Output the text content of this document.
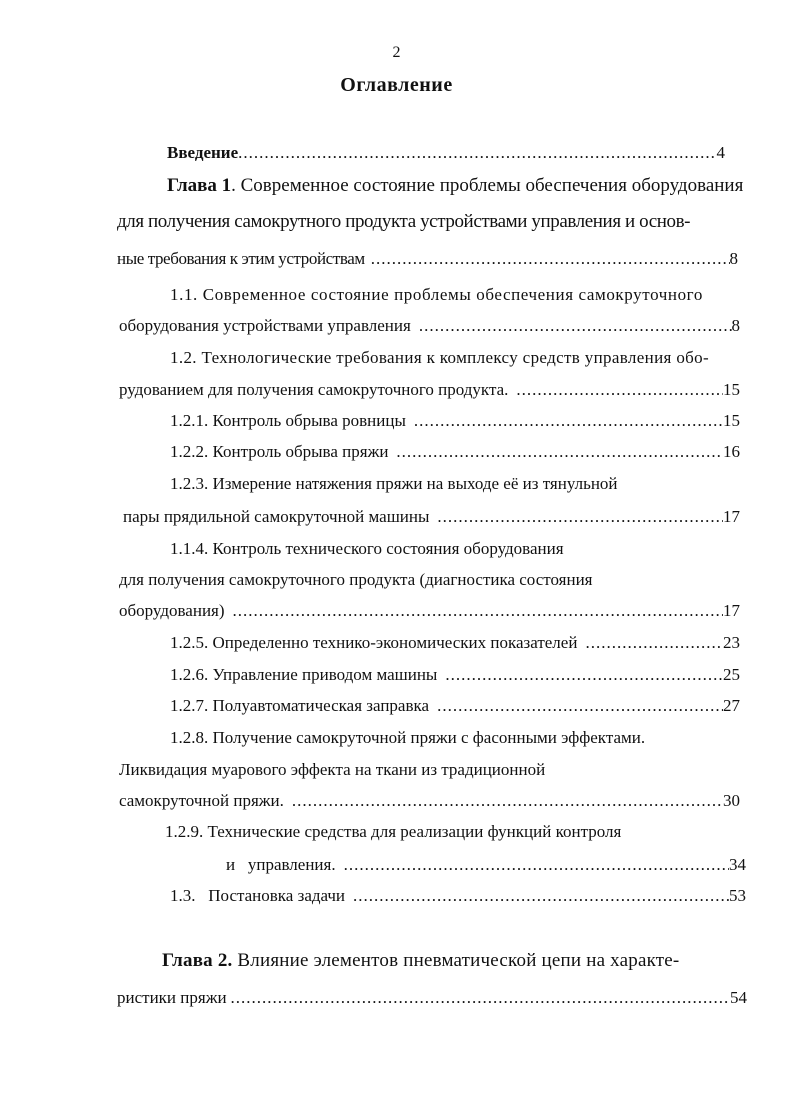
2
Оглавление
Введение .....	4
Глава 1. Современное состояние проблемы обеспечения оборудования
для получения самокрутного продукта устройствами управления и основ-
ные требования к этим устройствам .....	8
1.1. Современное состояние проблемы обеспечения самокруточного
оборудования устройствами управления .....	8
1.2. Технологические требования к комплексу средств управления обо-
рудованием для получения самокруточного продукта. .....	15
1.2.1. Контроль обрыва ровницы .....	15
1.2.2. Контроль обрыва пряжи .....	16
1.2.3. Измерение натяжения пряжи на выходе её из тянульной
пары прядильной самокруточной машины .....	17
1.1.4. Контроль технического состояния оборудования
для получения самокруточного продукта (диагностика состояния
оборудования) .....	17
1.2.5. Определенно технико-экономических показателей .....	23
1.2.6. Управление приводом машины .....	25
1.2.7. Полуавтоматическая заправка .....	27
1.2.8. Получение самокруточной пряжи с фасонными эффектами.
Ликвидация муарового эффекта на ткани из традиционной
самокруточной пряжи. .....	30
1.2.9. Технические средства для реализации функций контроля
и   управления. .....	34
1.3.   Постановка задачи .....	53
Глава 2. Влияние элементов пневматической цепи на характе-
ристики пряжи .....	54
